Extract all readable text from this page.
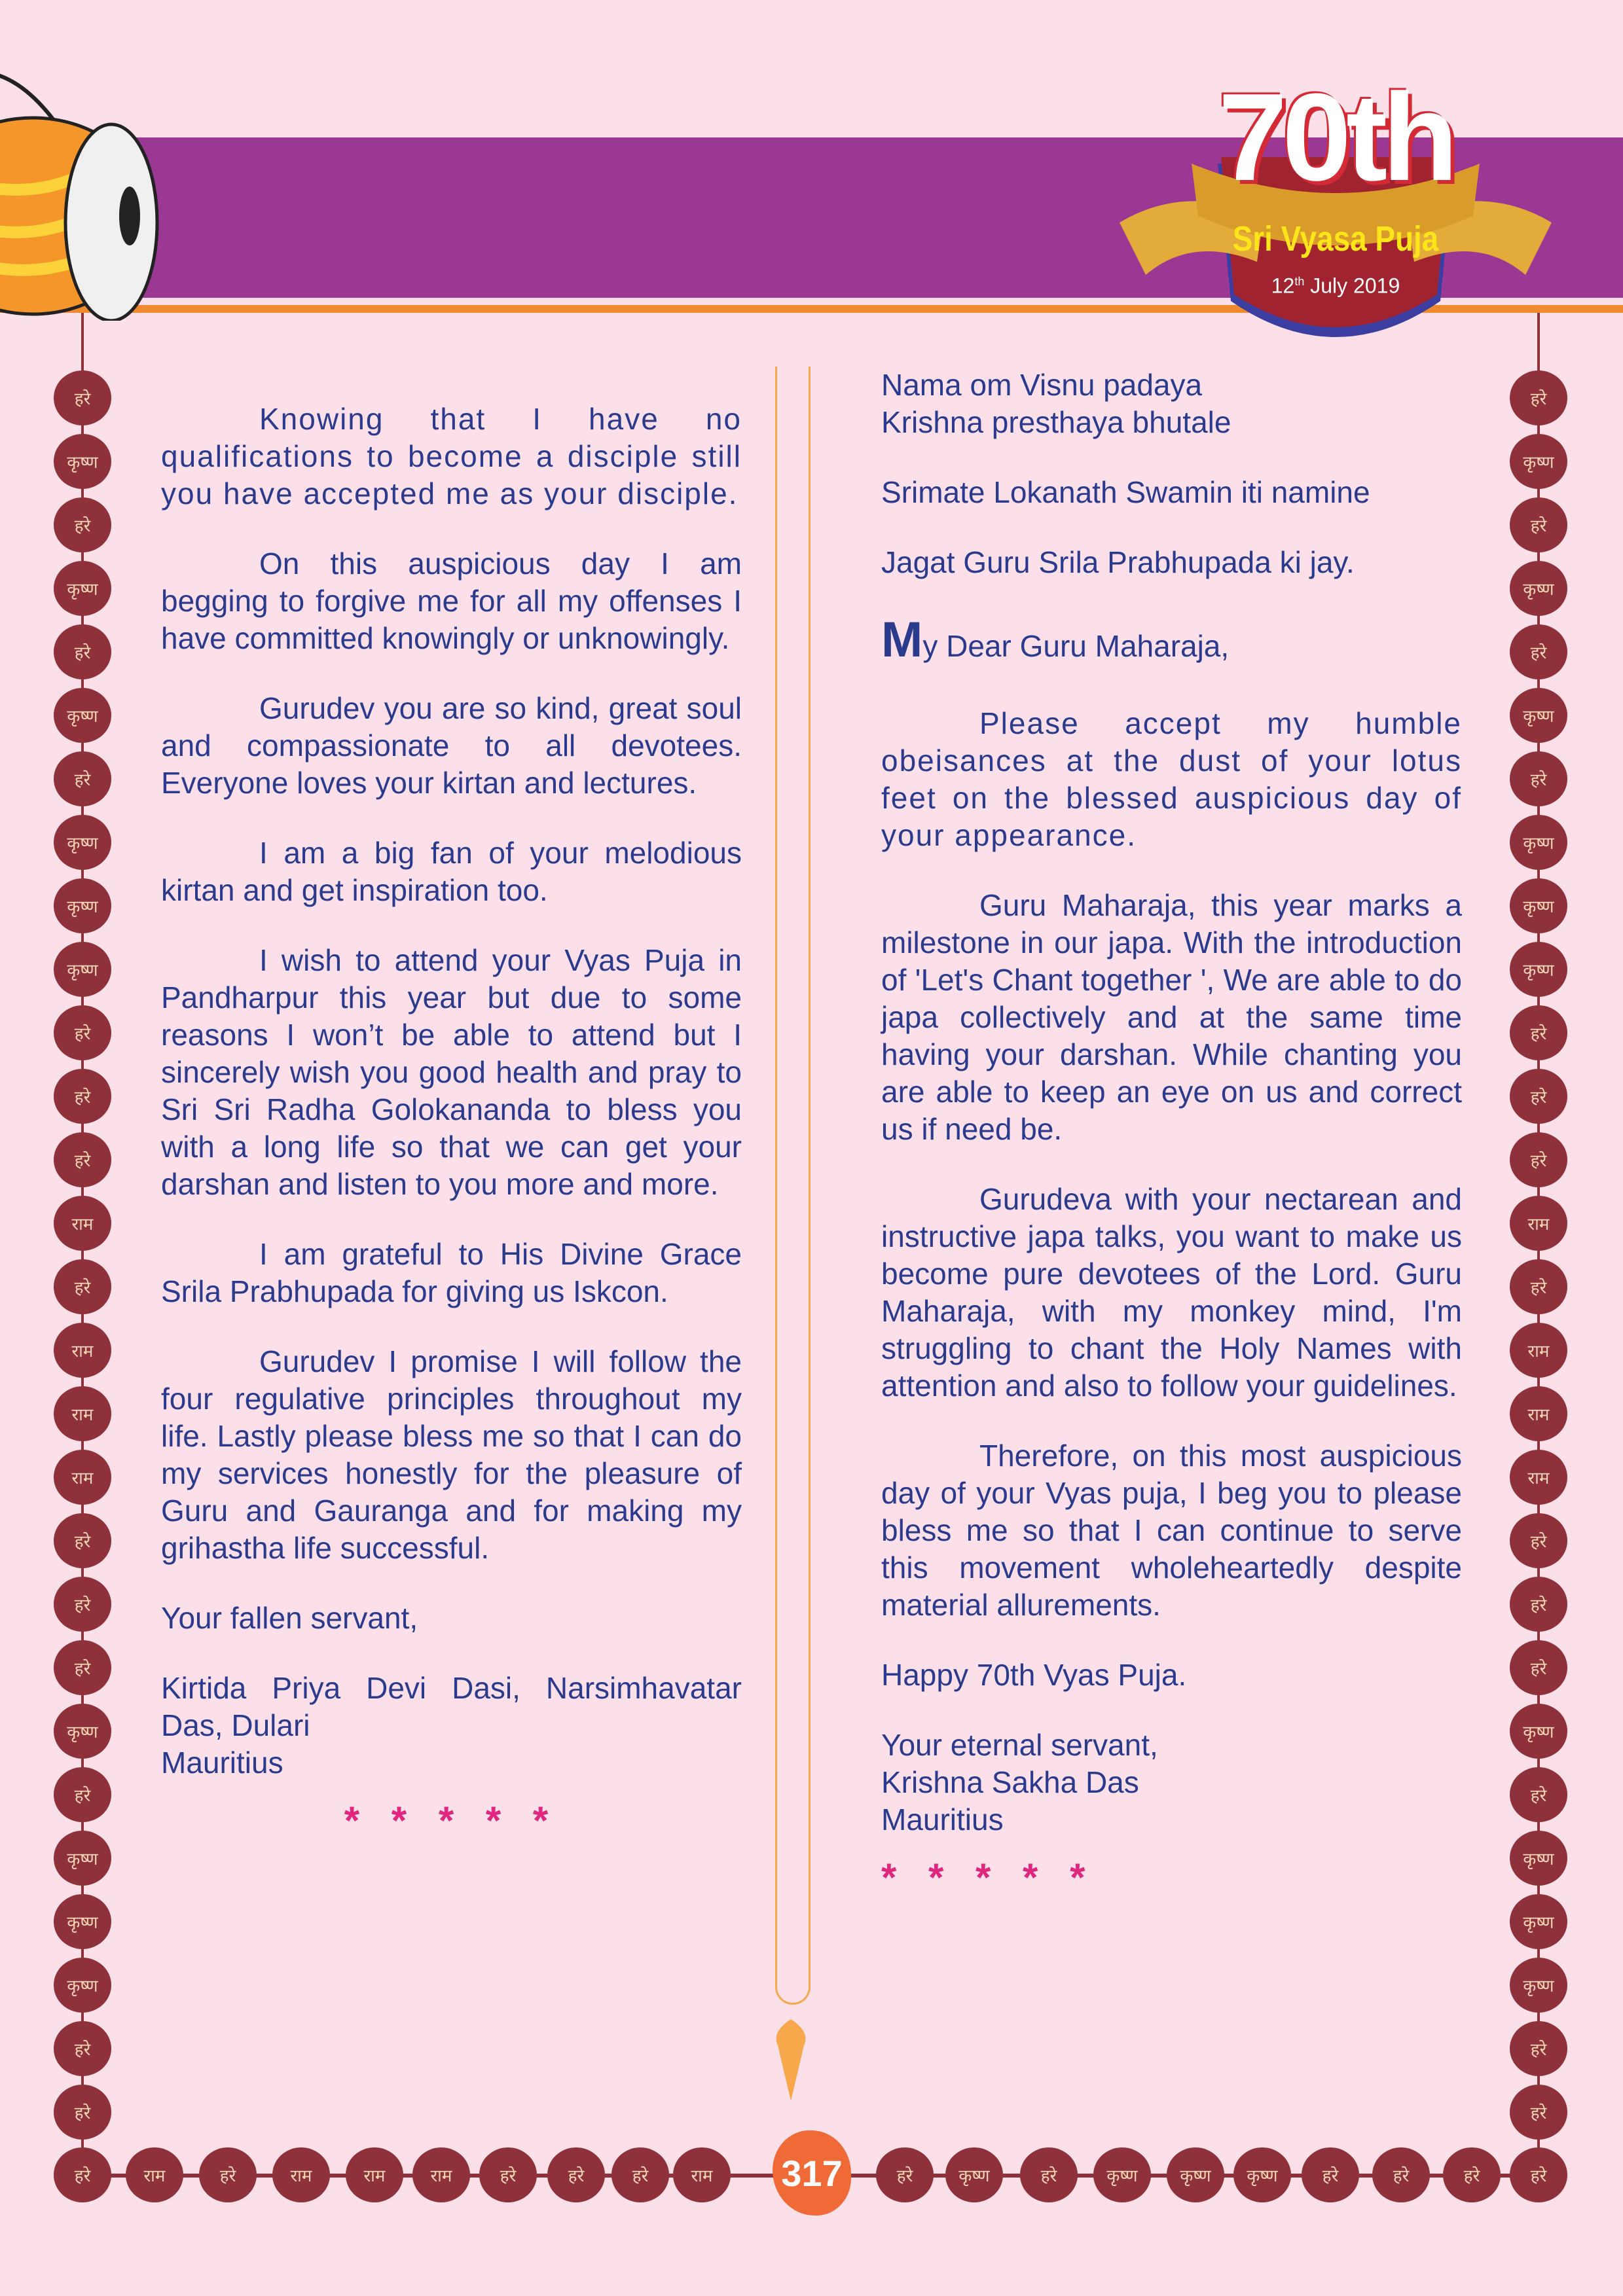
70th
Sri Vyasa Puja
12th July 2019

Knowing that I have no qualifications to become a disciple still you have accepted me as your disciple.

On this auspicious day I am begging to forgive me for all my offenses I have committed knowingly or unknowingly.

Gurudev you are so kind, great soul and compassionate to all devotees. Everyone loves your kirtan and lectures.

I am a big fan of your melodious kirtan and get inspiration too.

I wish to attend your Vyas Puja in Pandharpur this year but due to some reasons I won’t be able to attend but I sincerely wish you good health and pray to Sri Sri Radha Golokananda to bless you with a long life so that we can get your darshan and listen to you more and more.

I am grateful to His Divine Grace Srila Prabhupada for giving us Iskcon.

Gurudev I promise I will follow the four regulative principles throughout my life. Lastly please bless me so that I can do my services honestly for the pleasure of Guru and Gauranga and for making my grihastha life successful.

Your fallen servant,

Kirtida Priya Devi Dasi, Narsimhavatar Das, Dulari

Mauritius

* * * * *

Nama om Visnu padaya

Krishna presthaya bhutale

Srimate Lokanath Swamin iti namine

Jagat Guru Srila Prabhupada ki jay.

My Dear Guru Maharaja,

Please accept my humble obeisances at the dust of your lotus feet on the blessed auspicious day of your appearance.

Guru Maharaja, this year marks a milestone in our japa. With the introduction of 'Let's Chant together ', We are able to do japa collectively and at the same time having your darshan. While chanting you are able to keep an eye on us and correct us if need be.

Gurudeva with your nectarean and instructive japa talks, you want to make us become pure devotees of the Lord. Guru Maharaja, with my monkey mind, I'm struggling to chant the Holy Names with attention and also to follow your guidelines.

Therefore, on this most auspicious day of your Vyas puja, I beg you to please bless me so that I can continue to serve this movement wholeheartedly despite material allurements.

Happy 70th Vyas Puja.

Your eternal servant,

Krishna Sakha Das

Mauritius

* * * * *
हरे	हरे
कृष्ण	कृष्ण
हरे	हरे
कृष्ण	कृष्ण
हरे	हरे
कृष्ण	कृष्ण
हरे	हरे
कृष्ण	कृष्ण
कृष्ण	कृष्ण
कृष्ण	कृष्ण
हरे	हरे
हरे	हरे
हरे	हरे
राम	राम
हरे	हरे
राम	राम
राम	राम
राम	राम
हरे	हरे
हरे	हरे
हरे	हरे
कृष्ण	कृष्ण
हरे	हरे
कृष्ण	कृष्ण
कृष्ण	कृष्ण
कृष्ण	कृष्ण
हरे	हरे
हरे	हरे
हरे	राम	हरे	राम	राम	राम	हरे	हरे	हरे	राम	हरे	कृष्ण	हरे	कृष्ण	कृष्ण	कृष्ण	हरे	हरे	हरे	हरे
317
